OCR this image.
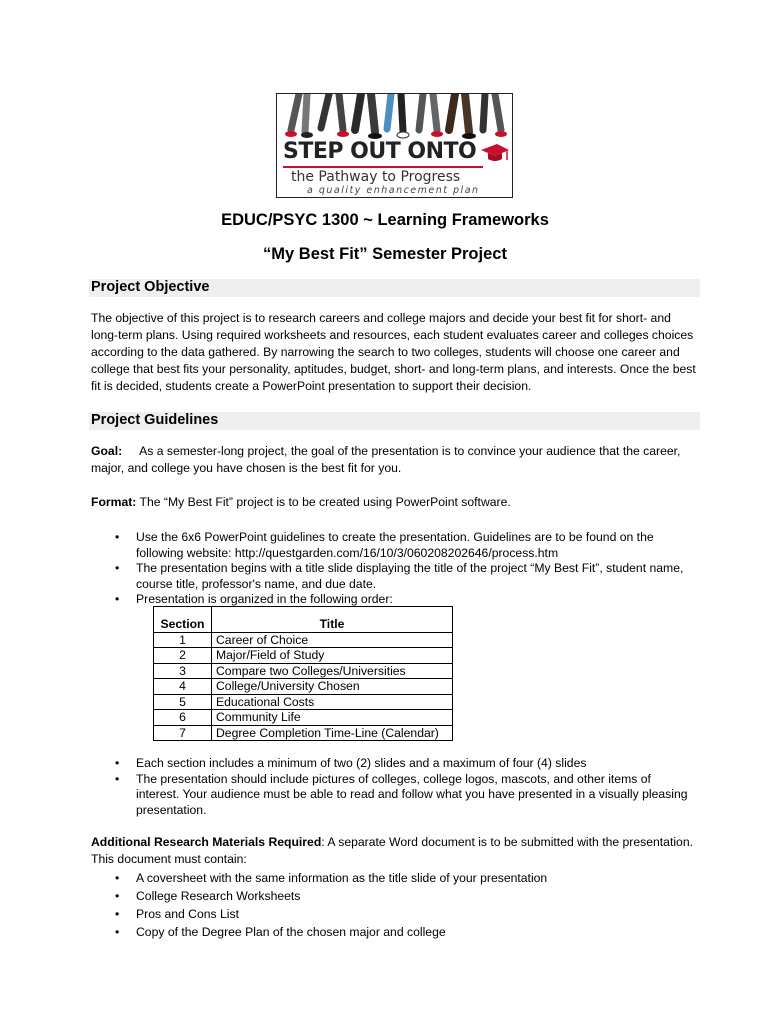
STEP OUT ONTO
the Pathway to Progress
a quality enhancement plan
EDUC/PSYC 1300 ~ Learning Frameworks
“My Best Fit” Semester Project
Project Objective
The objective of this project is to research careers and college majors and decide your best fit for short- and long-term plans. Using required worksheets and resources, each student evaluates career and colleges choices according to the data gathered. By narrowing the search to two colleges, students will choose one career and college that best fits your personality, aptitudes, budget, short- and long-term plans, and interests. Once the best fit is decided, students create a PowerPoint presentation to support their decision.
Project Guidelines
Goal: As a semester-long project, the goal of the presentation is to convince your audience that the career, major, and college you have chosen is the best fit for you.
Format: The “My Best Fit” project is to be created using PowerPoint software.
• Use the 6x6 PowerPoint guidelines to create the presentation. Guidelines are to be found on the following website: http://questgarden.com/16/10/3/060208202646/process.htm
• The presentation begins with a title slide displaying the title of the project “My Best Fit”, student name, course title, professor's name, and due date.
• Presentation is organized in the following order:
Section	Title
1	Career of Choice
2	Major/Field of Study
3	Compare two Colleges/Universities
4	College/University Chosen
5	Educational Costs
6	Community Life
7	Degree Completion Time-Line (Calendar)
• Each section includes a minimum of two (2) slides and a maximum of four (4) slides
• The presentation should include pictures of colleges, college logos, mascots, and other items of interest. Your audience must be able to read and follow what you have presented in a visually pleasing presentation.
Additional Research Materials Required: A separate Word document is to be submitted with the presentation. This document must contain:
• A coversheet with the same information as the title slide of your presentation
• College Research Worksheets
• Pros and Cons List
• Copy of the Degree Plan of the chosen major and college
